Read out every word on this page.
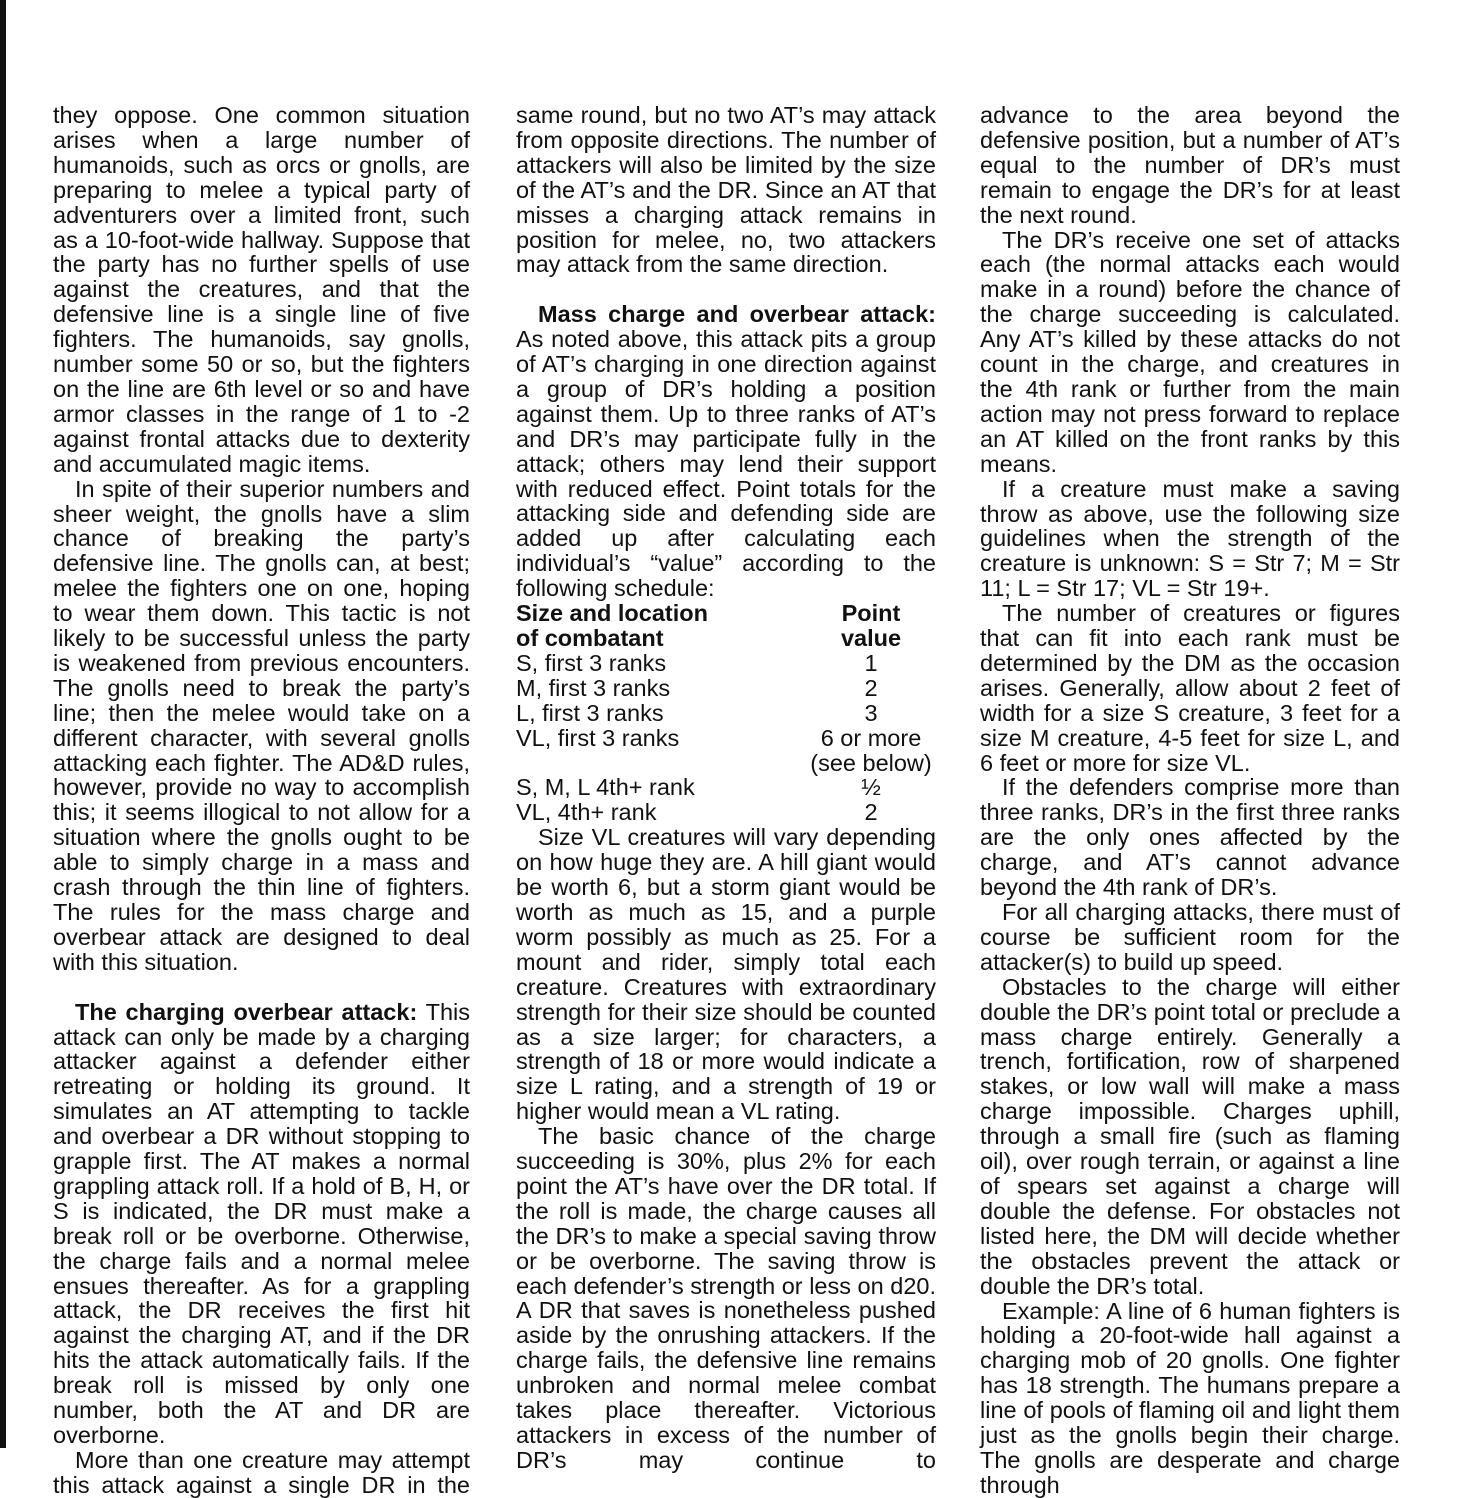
they oppose. One common situation arises when a large number of humanoids, such as orcs or gnolls, are preparing to melee a typical party of adventurers over a limited front, such as a 10-foot-wide hallway. Suppose that the party has no further spells of use against the creatures, and that the defensive line is a single line of five fighters. The humanoids, say gnolls, number some 50 or so, but the fighters on the line are 6th level or so and have armor classes in the range of 1 to -2 against frontal attacks due to dexterity and accumulated magic items.

In spite of their superior numbers and sheer weight, the gnolls have a slim chance of breaking the party’s defensive line. The gnolls can, at best; melee the fighters one on one, hoping to wear them down. This tactic is not likely to be successful unless the party is weakened from previous encounters. The gnolls need to break the party’s line; then the melee would take on a different character, with several gnolls attacking each fighter. The AD&D rules, however, provide no way to accomplish this; it seems illogical to not allow for a situation where the gnolls ought to be able to simply charge in a mass and crash through the thin line of fighters. The rules for the mass charge and overbear attack are designed to deal with this situation.

The charging overbear attack: This attack can only be made by a charging attacker against a defender either retreating or holding its ground. It simulates an AT attempting to tackle and overbear a DR without stopping to grapple first. The AT makes a normal grappling attack roll. If a hold of B, H, or S is indicated, the DR must make a break roll or be overborne. Otherwise, the charge fails and a normal melee ensues thereafter. As for a grappling attack, the DR receives the first hit against the charging AT, and if the DR hits the attack automatically fails. If the break roll is missed by only one number, both the AT and DR are overborne.

More than one creature may attempt this attack against a single DR in the

same round, but no two AT’s may attack from opposite directions. The number of attackers will also be limited by the size of the AT’s and the DR. Since an AT that misses a charging attack remains in position for melee, no, two attackers may attack from the same direction.

Mass charge and overbear attack: As noted above, this attack pits a group of AT’s charging in one direction against a group of DR’s holding a position against them. Up to three ranks of AT’s and DR’s may participate fully in the attack; others may lend their support with reduced effect. Point totals for the attacking side and defending side are added up after calculating each individual’s “value” according to the following schedule:

Size and location	Point
of combatant	value
S, first 3 ranks	1
M, first 3 ranks	2
L, first 3 ranks	3
VL, first 3 ranks	6 or more
	(see below)
S, M, L 4th+ rank	½
VL, 4th+ rank	2

Size VL creatures will vary depending on how huge they are. A hill giant would be worth 6, but a storm giant would be worth as much as 15, and a purple worm possibly as much as 25. For a mount and rider, simply total each creature. Creatures with extraordinary strength for their size should be counted as a size larger; for characters, a strength of 18 or more would indicate a size L rating, and a strength of 19 or higher would mean a VL rating.

The basic chance of the charge succeeding is 30%, plus 2% for each point the AT’s have over the DR total. If the roll is made, the charge causes all the DR’s to make a special saving throw or be overborne. The saving throw is each defender’s strength or less on d20. A DR that saves is nonetheless pushed aside by the onrushing attackers. If the charge fails, the defensive line remains unbroken and normal melee combat takes place thereafter. Victorious attackers in excess of the number of DR’s may continue to

advance to the area beyond the defensive position, but a number of AT’s equal to the number of DR’s must remain to engage the DR’s for at least the next round.

The DR’s receive one set of attacks each (the normal attacks each would make in a round) before the chance of the charge succeeding is calculated. Any AT’s killed by these attacks do not count in the charge, and creatures in the 4th rank or further from the main action may not press forward to replace an AT killed on the front ranks by this means.

If a creature must make a saving throw as above, use the following size guidelines when the strength of the creature is unknown: S = Str 7; M = Str 11; L = Str 17; VL = Str 19+.

The number of creatures or figures that can fit into each rank must be determined by the DM as the occasion arises. Generally, allow about 2 feet of width for a size S creature, 3 feet for a size M creature, 4-5 feet for size L, and 6 feet or more for size VL.

If the defenders comprise more than three ranks, DR’s in the first three ranks are the only ones affected by the charge, and AT’s cannot advance beyond the 4th rank of DR’s.

For all charging attacks, there must of course be sufficient room for the attacker(s) to build up speed.

Obstacles to the charge will either double the DR’s point total or preclude a mass charge entirely. Generally a trench, fortification, row of sharpened stakes, or low wall will make a mass charge impossible. Charges uphill, through a small fire (such as flaming oil), over rough terrain, or against a line of spears set against a charge will double the defense. For obstacles not listed here, the DM will decide whether the obstacles prevent the attack or double the DR’s total.

Example: A line of 6 human fighters is holding a 20-foot-wide hall against a charging mob of 20 gnolls. One fighter has 18 strength. The humans prepare a line of pools of flaming oil and light them just as the gnolls begin their charge. The gnolls are desperate and charge through
